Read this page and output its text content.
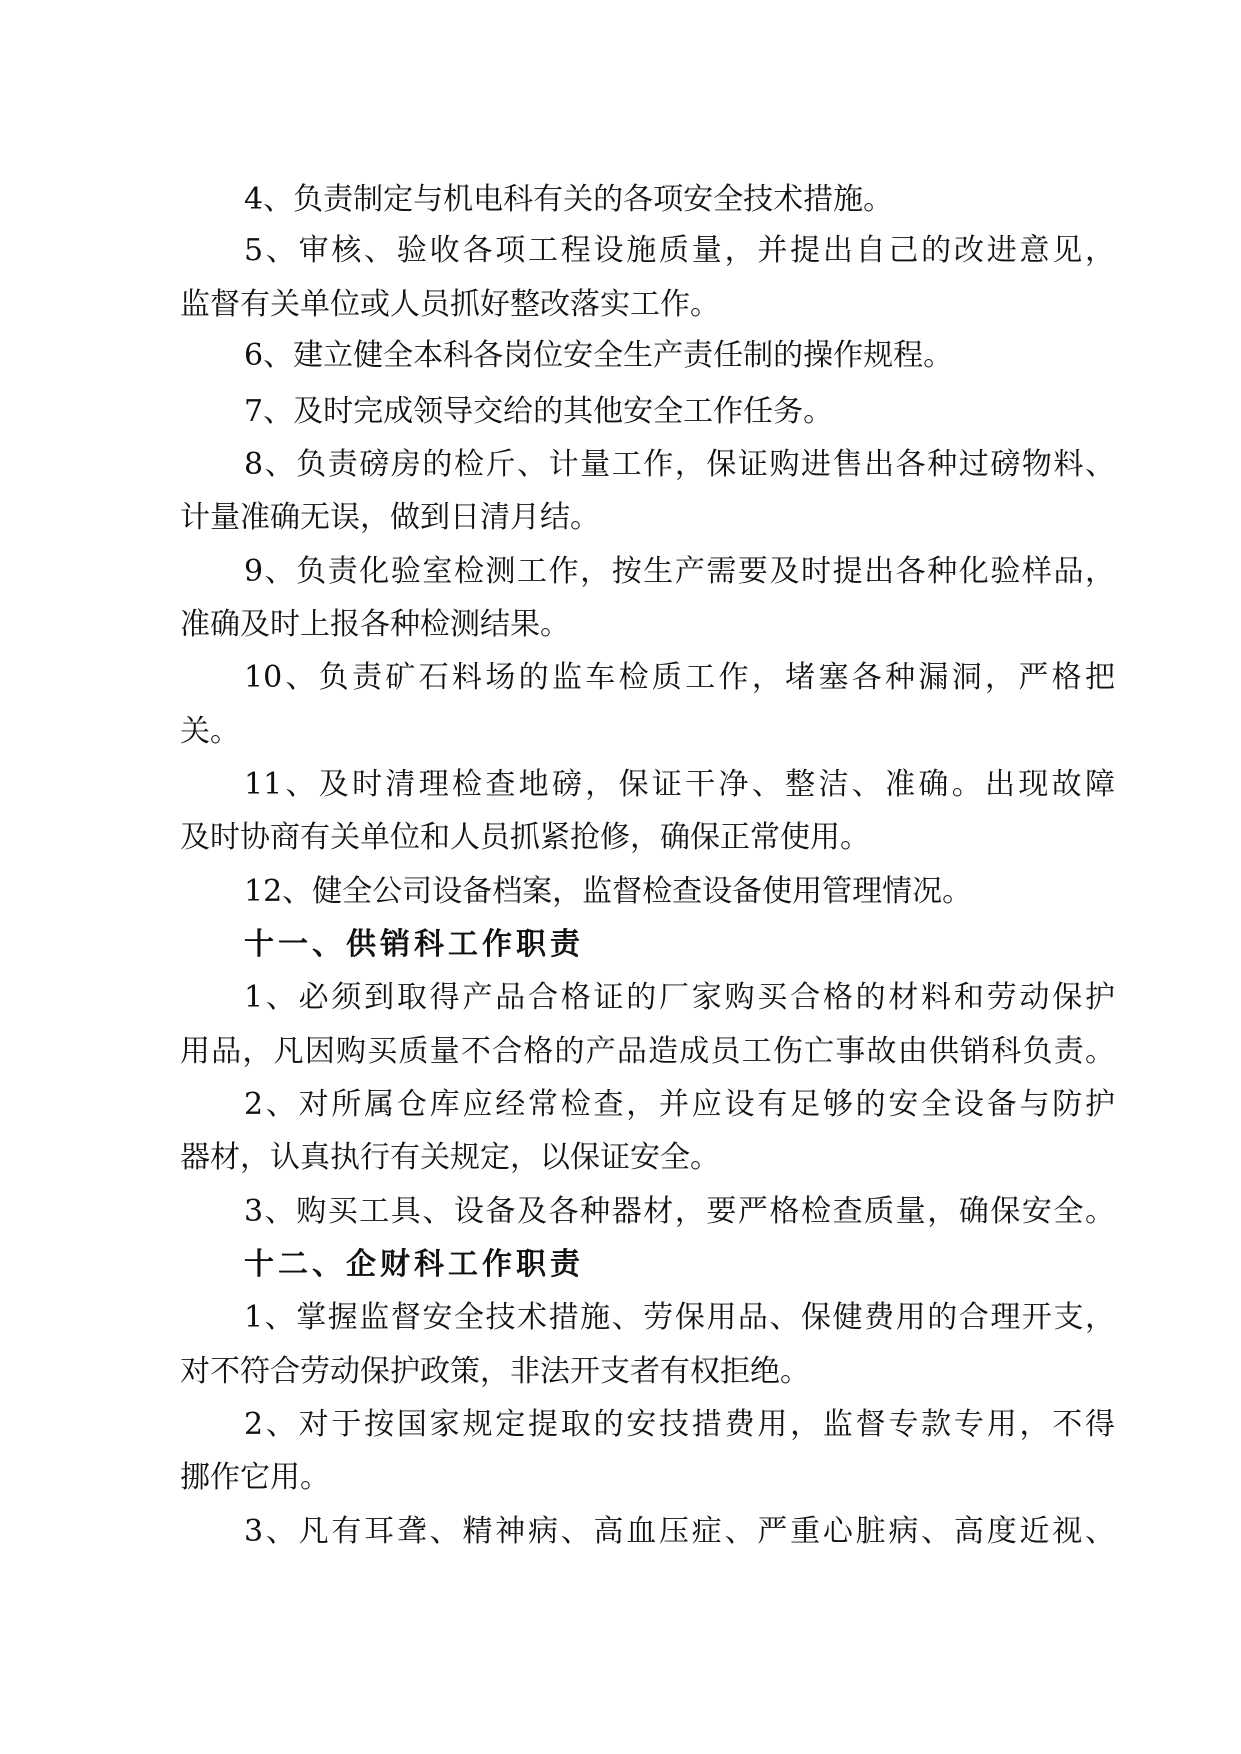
4、负责制定与机电科有关的各项安全技术措施。
5、审核、验收各项工程设施质量，并提出自己的改进意见，
监督有关单位或人员抓好整改落实工作。
6、建立健全本科各岗位安全生产责任制的操作规程。
7、及时完成领导交给的其他安全工作任务。
8、负责磅房的检斤、计量工作，保证购进售出各种过磅物料、
计量准确无误，做到日清月结。
9、负责化验室检测工作，按生产需要及时提出各种化验样品，
准确及时上报各种检测结果。
10、负责矿石料场的监车检质工作，堵塞各种漏洞，严格把
关。
11、及时清理检查地磅，保证干净、整洁、准确。出现故障
及时协商有关单位和人员抓紧抢修，确保正常使用。
12、健全公司设备档案，监督检查设备使用管理情况。
十一、供销科工作职责
1、必须到取得产品合格证的厂家购买合格的材料和劳动保护
用品，凡因购买质量不合格的产品造成员工伤亡事故由供销科负责。
2、对所属仓库应经常检查，并应设有足够的安全设备与防护
器材，认真执行有关规定，以保证安全。
3、购买工具、设备及各种器材，要严格检查质量，确保安全。
十二、企财科工作职责
1、掌握监督安全技术措施、劳保用品、保健费用的合理开支，
对不符合劳动保护政策，非法开支者有权拒绝。
2、对于按国家规定提取的安技措费用，监督专款专用，不得
挪作它用。
3、凡有耳聋、精神病、高血压症、严重心脏病、高度近视、
